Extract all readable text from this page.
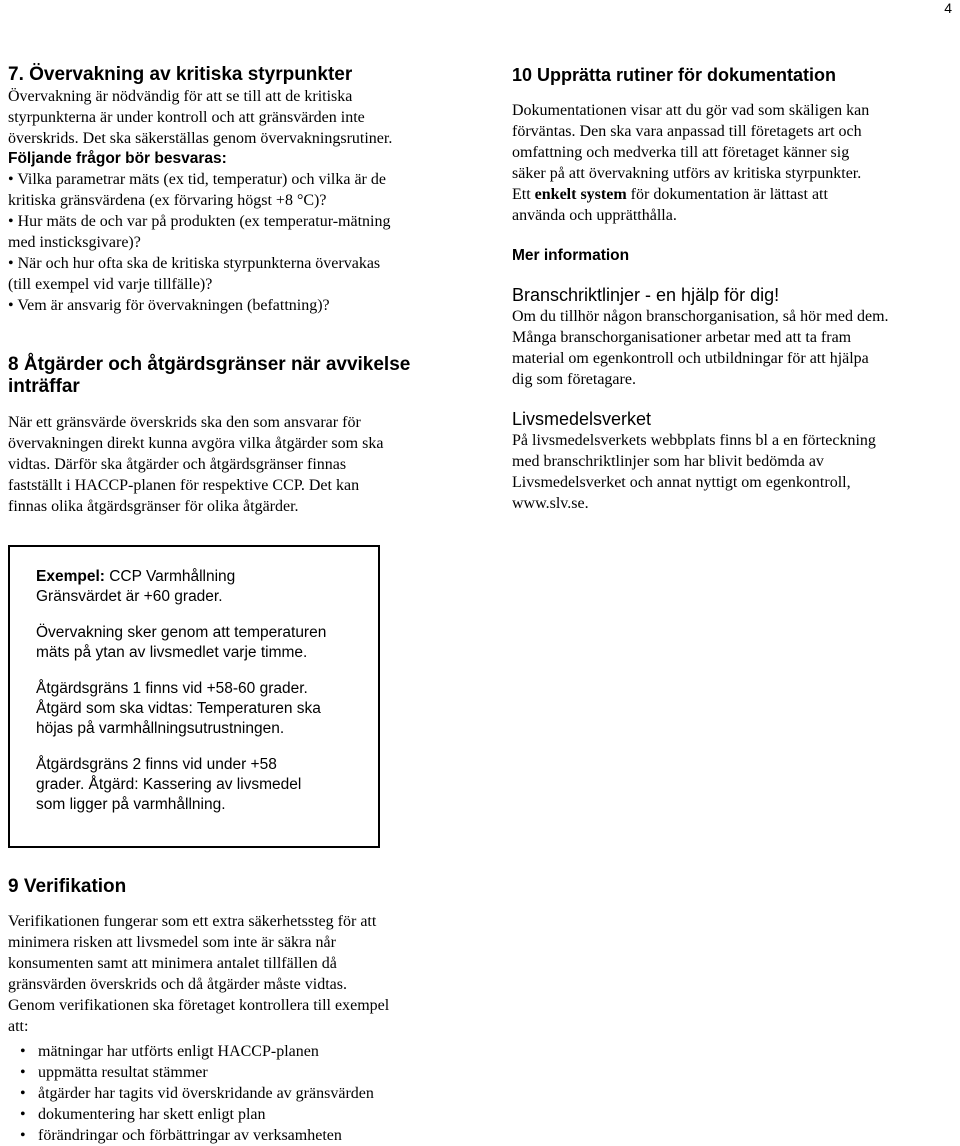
4
7. Övervakning av kritiska styrpunkter
Övervakning är nödvändig för att se till att de kritiska
styrpunkterna är under kontroll och att gränsvärden inte
överskrids. Det ska säkerställas genom övervakningsrutiner.
Följande frågor bör besvaras:
• Vilka parametrar mäts (ex tid, temperatur) och vilka är de
kritiska gränsvärdena (ex förvaring högst +8 °C)?
• Hur mäts de och var på produkten (ex temperatur-mätning
med insticksgivare)?
• När och hur ofta ska de kritiska styrpunkterna övervakas
(till exempel vid varje tillfälle)?
• Vem är ansvarig för övervakningen (befattning)?
8 Åtgärder och åtgärdsgränser när avvikelse
inträffar
När ett gränsvärde överskrids ska den som ansvarar för
övervakningen direkt kunna avgöra vilka åtgärder som ska
vidtas. Därför ska åtgärder och åtgärdsgränser finnas
fastställt i HACCP-planen för respektive CCP. Det kan
finnas olika åtgärdsgränser för olika åtgärder.
10 Upprätta rutiner för dokumentation
Dokumentationen visar att du gör vad som skäligen kan
förväntas. Den ska vara anpassad till företagets art och
omfattning och medverka till att företaget känner sig
säker på att övervakning utförs av kritiska styrpunkter.
Ett enkelt system för dokumentation är lättast att
använda och upprätthålla.
Mer information
Branschriktlinjer - en hjälp för dig!
Om du tillhör någon branschorganisation, så hör med dem.
Många branschorganisationer arbetar med att ta fram
material om egenkontroll och utbildningar för att hjälpa
dig som företagare.
Livsmedelsverket
På livsmedelsverkets webbplats finns bl a en förteckning
med branschriktlinjer som har blivit bedömda av
Livsmedelsverket och annat nyttigt om egenkontroll,
www.slv.se.

Exempel: CCP Varmhållning

Gränsvärdet är +60 grader.

Övervakning sker genom att temperaturen

mäts på ytan av livsmedlet varje timme.

Åtgärdsgräns 1 finns vid +58-60 grader.

Åtgärd som ska vidtas: Temperaturen ska

höjas på varmhållningsutrustningen.

Åtgärdsgräns 2 finns vid under +58

grader. Åtgärd: Kassering av livsmedel

som ligger på varmhållning.

9 Verifikation
Verifikationen fungerar som ett extra säkerhetssteg för att
minimera risken att livsmedel som inte är säkra når
konsumenten samt att minimera antalet tillfällen då
gränsvärden överskrids och då åtgärder måste vidtas.
Genom verifikationen ska företaget kontrollera till exempel
att:
• mätningar har utförts enligt HACCP-planen
• uppmätta resultat stämmer
• åtgärder har tagits vid överskridande av gränsvärden
• dokumentering har skett enligt plan
• förändringar och förbättringar av verksamheten
